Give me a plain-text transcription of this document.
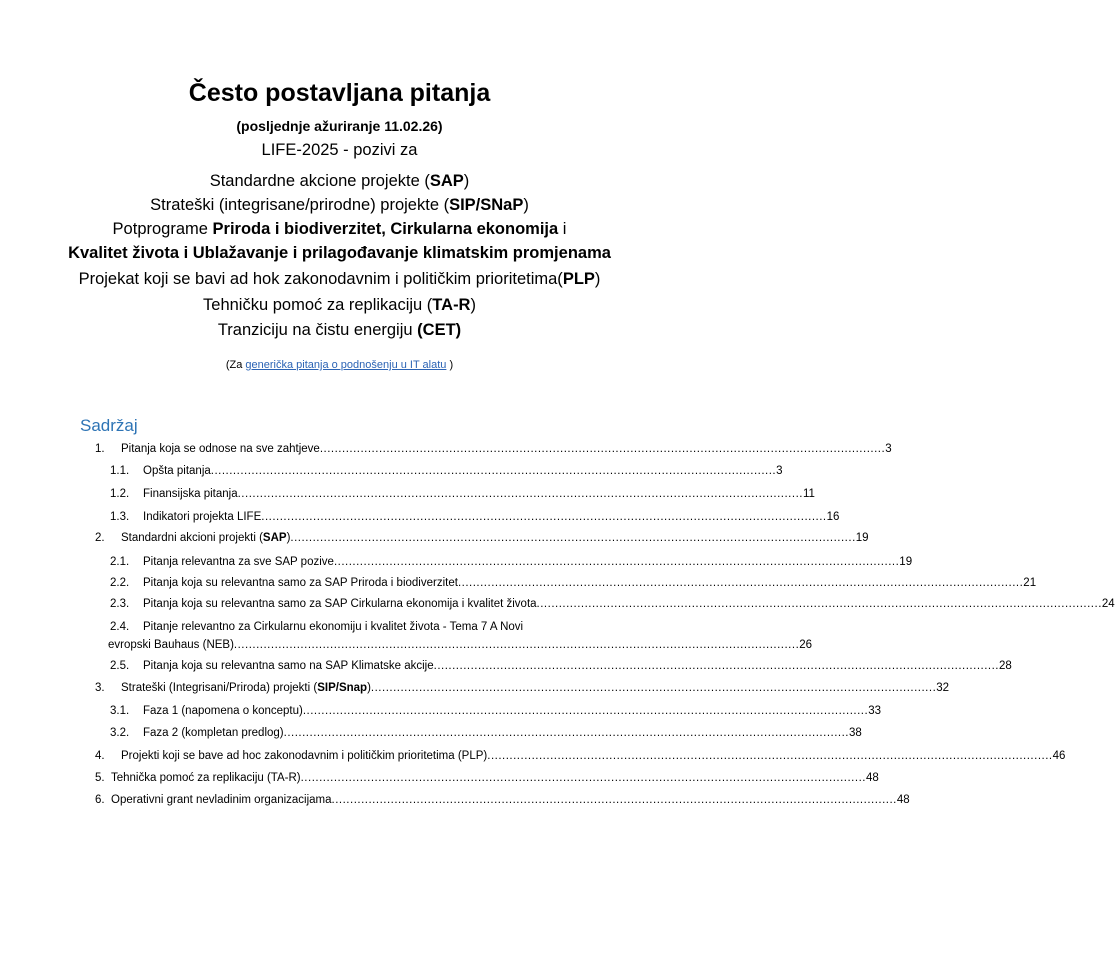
Često postavljana pitanja
(posljednje ažuriranje 11.02.26)
LIFE-2025 - pozivi za
Standardne akcione projekte (SAP)
Strateški (integrisane/prirodne) projekte (SIP/SNaP)
Potprograme Priroda i biodiverzitet, Cirkularna ekonomija i
Kvalitet života i Ublažavanje i prilagođavanje klimatskim promjenama
Projekat koji se bavi ad hok zakonodavnim i političkim prioritetima(PLP)
Tehničku pomoć za replikaciju (TA-R)
Tranziciju na čistu energiju (CET)
(Za generička pitanja o podnošenju u IT alatu )
Sadržaj
1. Pitanja koja se odnose na sve zahtjeve ......................................................................................................................................................... 3
1.1. Opšta pitanja ......................................................................................................................................................... 3
1.2. Finansijska pitanja ......................................................................................................................................................... 11
1.3. Indikatori projekta LIFE ......................................................................................................................................................... 16
2. Standardni akcioni projekti (SAP) ......................................................................................................................................................... 19
2.1. Pitanja relevantna za sve SAP pozive ......................................................................................................................................................... 19
2.2. Pitanja koja su relevantna samo za SAP Priroda i biodiverzitet ......................................................................................................................................................... 21
2.3. Pitanja koja su relevantna samo za SAP Cirkularna ekonomija i kvalitet života ......................................................................................................................................................... 24
2.4. Pitanje relevantno za Cirkularnu ekonomiju i kvalitet života - Tema 7 A Novi
evropski Bauhaus (NEB) ......................................................................................................................................................... 26
2.5. Pitanja koja su relevantna samo na SAP Klimatske akcije ......................................................................................................................................................... 28
3. Strateški (Integrisani/Priroda) projekti (SIP/Snap) ......................................................................................................................................................... 32
3.1. Faza 1 (napomena o konceptu) ......................................................................................................................................................... 33
3.2. Faza 2 (kompletan predlog) ......................................................................................................................................................... 38
4. Projekti koji se bave ad hoc zakonodavnim i političkim prioritetima (PLP) ......................................................................................................................................................... 46
5. Tehnička pomoć za replikaciju (TA-R) ......................................................................................................................................................... 48
6. Operativni grant nevladinim organizacijama ......................................................................................................................................................... 48
